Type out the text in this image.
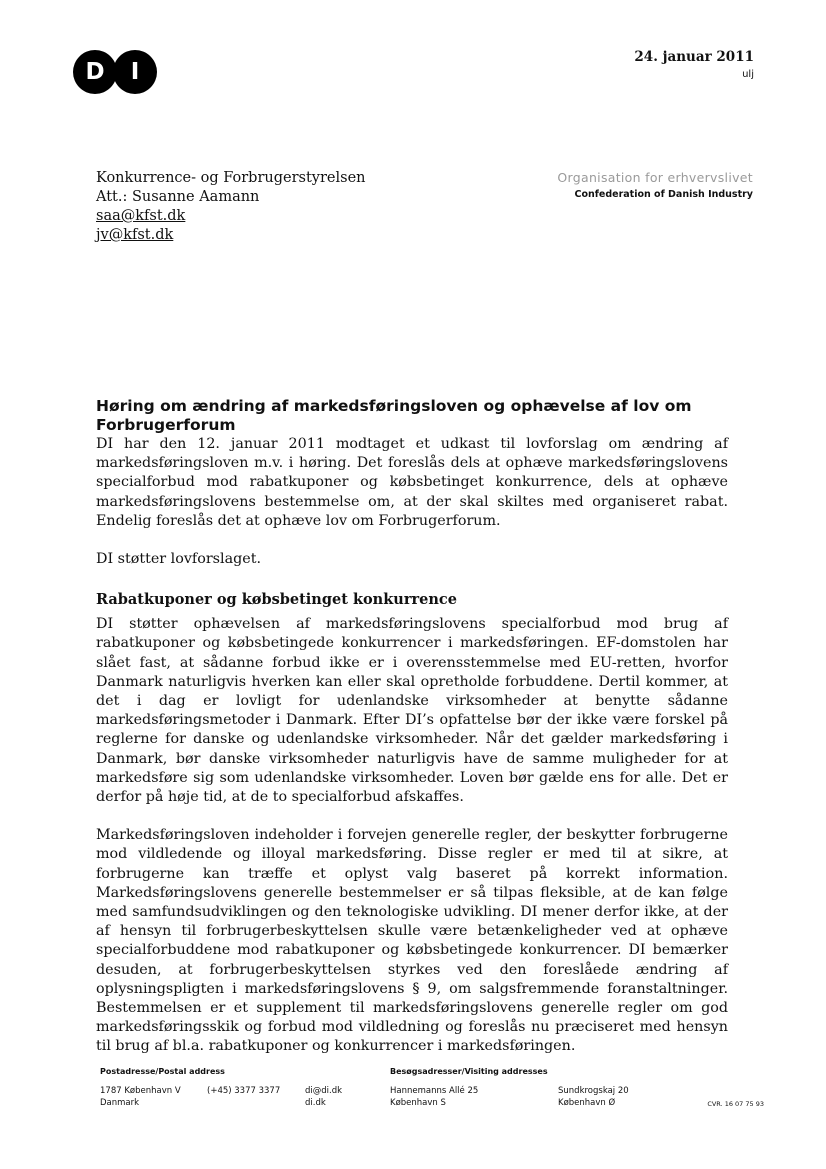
D	I
24. januar 2011
ulj
Konkurrence- og Forbrugerstyrelsen
Att.: Susanne Aamann
saa@kfst.dk
jv@kfst.dk
Organisation for erhvervslivet
Confederation of Danish Industry
Høring om ændring af markedsføringsloven og ophævelse af lov om Forbrugerforum

DI har den 12. januar 2011 modtaget et udkast til lovforslag om ændring af markedsføringsloven m.v. i høring. Det foreslås dels at ophæve markedsføringslovens specialforbud mod rabatkuponer og købsbetinget konkurrence, dels at ophæve markedsføringslovens bestemmelse om, at der skal skiltes med organiseret rabat. Endelig foreslås det at ophæve lov om Forbrugerforum.

DI støtter lovforslaget.

Rabatkuponer og købsbetinget konkurrence

DI støtter ophævelsen af markedsføringslovens specialforbud mod brug af rabatkuponer og købsbetingede konkurrencer i markedsføringen. EF-domstolen har slået fast, at sådanne forbud ikke er i overensstemmelse med EU-retten, hvorfor Danmark naturligvis hverken kan eller skal opretholde forbuddene. Dertil kommer, at det i dag er lovligt for udenlandske virksomheder at benytte sådanne markedsføringsmetoder i Danmark. Efter DI’s opfattelse bør der ikke være forskel på reglerne for danske og udenlandske virksomheder. Når det gælder markedsføring i Danmark, bør danske virksomheder naturligvis have de samme muligheder for at markedsføre sig som udenlandske virksomheder. Loven bør gælde ens for alle. Det er derfor på høje tid, at de to specialforbud afskaffes.

Markedsføringsloven indeholder i forvejen generelle regler, der beskytter forbrugerne mod vildledende og illoyal markedsføring. Disse regler er med til at sikre, at forbrugerne kan træffe et oplyst valg baseret på korrekt information. Markedsføringslovens generelle bestemmelser er så tilpas fleksible, at de kan følge med samfundsudviklingen og den teknologiske udvikling. DI mener derfor ikke, at der af hensyn til forbrugerbeskyttelsen skulle være betænkeligheder ved at ophæve specialforbuddene mod rabatkuponer og købsbetingede konkurrencer. DI bemærker desuden, at forbrugerbeskyttelsen styrkes ved den foreslåede ændring af oplysningspligten i markedsføringslovens § 9, om salgsfremmende foranstaltninger. Bestemmelsen er et supplement til markedsføringslovens generelle regler om god markedsføringsskik og forbud mod vildledning og foreslås nu præciseret med hensyn til brug af bl.a. rabatkuponer og konkurrencer i markedsføringen.

Postadresse/Postal address
1787 København V
Danmark
(+45) 3377 3377	di@di.dk
di.dk
Besøgsadresser/Visiting addresses
Hannemanns Allé 25
København S
Sundkrogskaj 20
København Ø	CVR. 16 07 75 93
